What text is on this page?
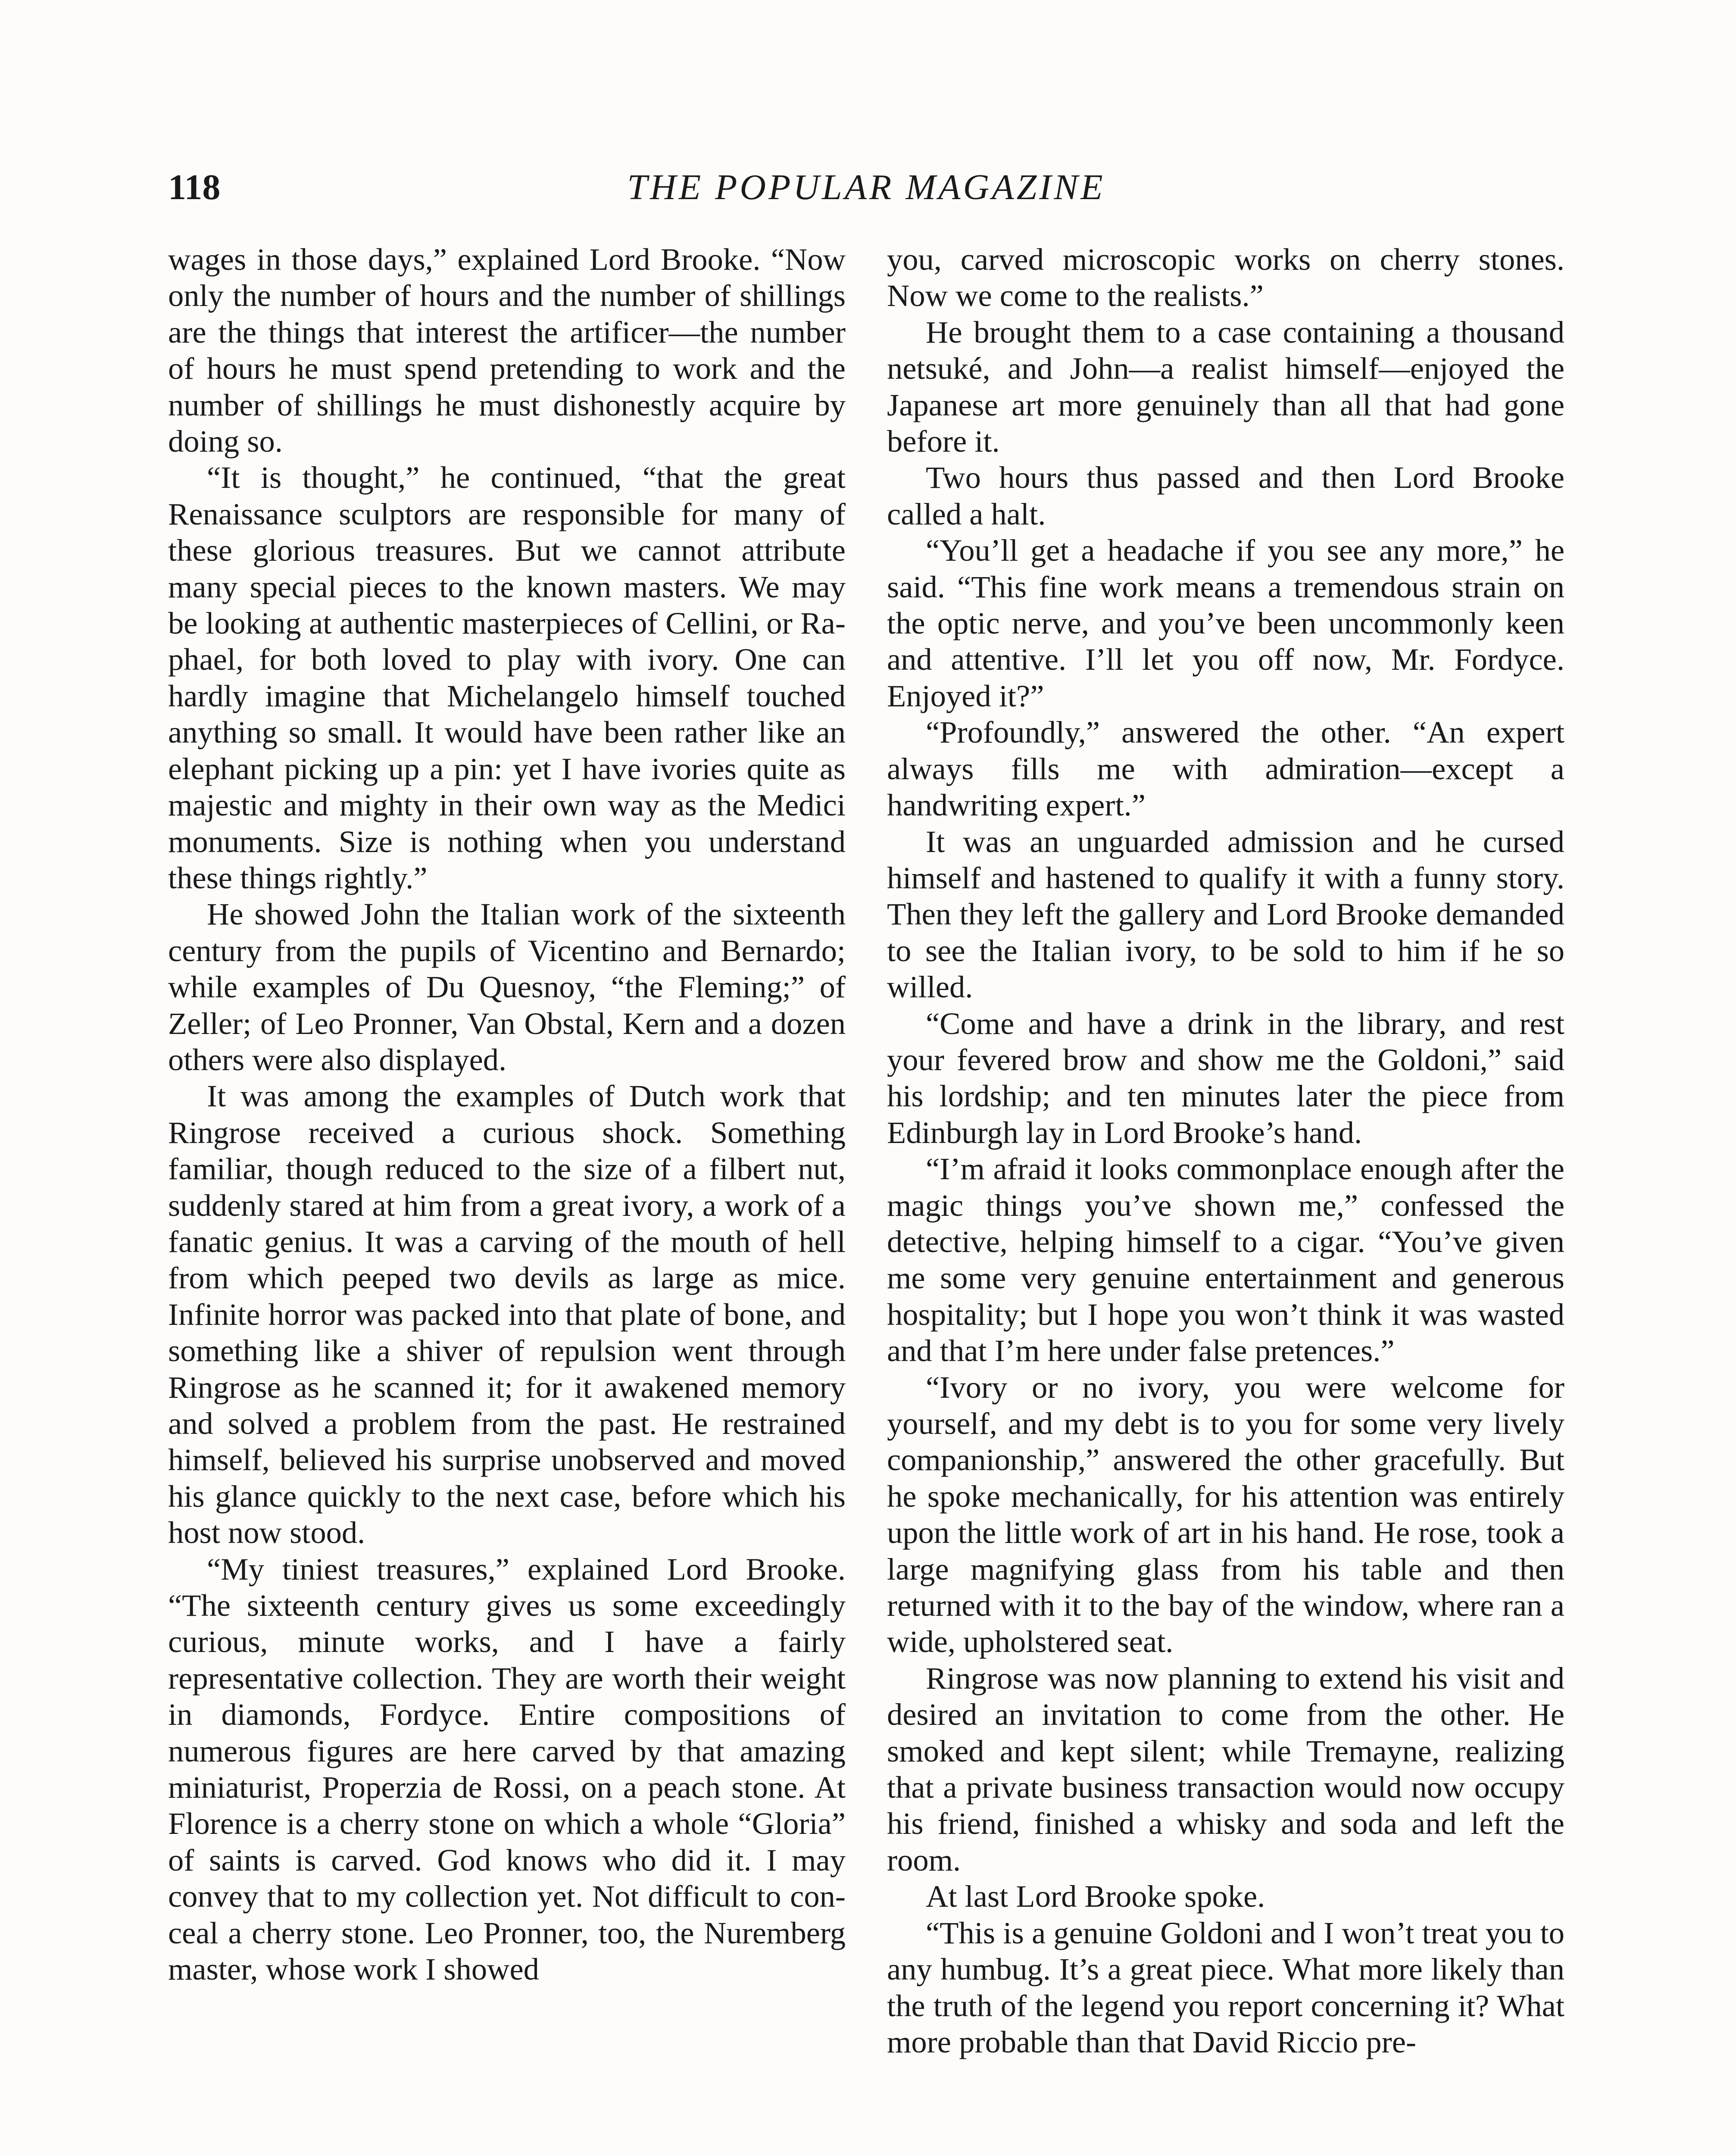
118	THE POPULAR MAGAZINE

wages in those days,” explained Lord Brooke. “Now only the number of hours and the number of shillings are the things that interest the artificer—the number of hours he must spend pretending to work and the number of shillings he must dishonestly acquire by doing so.

“It is thought,” he continued, “that the great Renaissance sculptors are responsible for many of these glorious treasures. But we cannot attribute many special pieces to the known masters. We may be looking at authentic masterpieces of Cellini, or Raphael, for both loved to play with ivory. One can hardly imagine that Michelangelo himself touched anything so small. It would have been rather like an elephant picking up a pin: yet I have ivories quite as majestic and mighty in their own way as the Medici monuments. Size is nothing when you understand these things rightly.”

He showed John the Italian work of the sixteenth century from the pupils of Vicentino and Bernardo; while examples of Du Quesnoy, “the Fleming;” of Zeller; of Leo Pronner, Van Obstal, Kern and a dozen others were also displayed.

It was among the examples of Dutch work that Ringrose received a curious shock. Something familiar, though reduced to the size of a filbert nut, suddenly stared at him from a great ivory, a work of a fanatic genius. It was a carving of the mouth of hell from which peeped two devils as large as mice. Infinite horror was packed into that plate of bone, and something like a shiver of repulsion went through Ringrose as he scanned it; for it awakened memory and solved a problem from the past. He restrained himself, believed his surprise unobserved and moved his glance quickly to the next case, before which his host now stood.

“My tiniest treasures,” explained Lord Brooke. “The sixteenth century gives us some exceedingly curious, minute works, and I have a fairly representative collection. They are worth their weight in diamonds, Fordyce. Entire compositions of numerous figures are here carved by that amazing miniaturist, Properzia de Rossi, on a peach stone. At Florence is a cherry stone on which a whole “Gloria” of saints is carved. God knows who did it. I may convey that to my collection yet. Not difficult to conceal a cherry stone. Leo Pronner, too, the Nuremberg master, whose work I showed

you, carved microscopic works on cherry stones. Now we come to the realists.”

He brought them to a case containing a thousand netsuké, and John—a realist himself—enjoyed the Japanese art more genuinely than all that had gone before it.

Two hours thus passed and then Lord Brooke called a halt.

“You’ll get a headache if you see any more,” he said. “This fine work means a tremendous strain on the optic nerve, and you’ve been uncommonly keen and attentive. I’ll let you off now, Mr. Fordyce. Enjoyed it?”

“Profoundly,” answered the other. “An expert always fills me with admiration—except a handwriting expert.”

It was an unguarded admission and he cursed himself and hastened to qualify it with a funny story. Then they left the gallery and Lord Brooke demanded to see the Italian ivory, to be sold to him if he so willed.

“Come and have a drink in the library, and rest your fevered brow and show me the Goldoni,” said his lordship; and ten minutes later the piece from Edinburgh lay in Lord Brooke’s hand.

“I’m afraid it looks commonplace enough after the magic things you’ve shown me,” confessed the detective, helping himself to a cigar. “You’ve given me some very genuine entertainment and generous hospitality; but I hope you won’t think it was wasted and that I’m here under false pretences.”

“Ivory or no ivory, you were welcome for yourself, and my debt is to you for some very lively companionship,” answered the other gracefully. But he spoke mechanically, for his attention was entirely upon the little work of art in his hand. He rose, took a large magnifying glass from his table and then returned with it to the bay of the window, where ran a wide, upholstered seat.

Ringrose was now planning to extend his visit and desired an invitation to come from the other. He smoked and kept silent; while Tremayne, realizing that a private business transaction would now occupy his friend, finished a whisky and soda and left the room.

At last Lord Brooke spoke.

“This is a genuine Goldoni and I won’t treat you to any humbug. It’s a great piece. What more likely than the truth of the legend you report concerning it? What more probable than that David Riccio pre-
